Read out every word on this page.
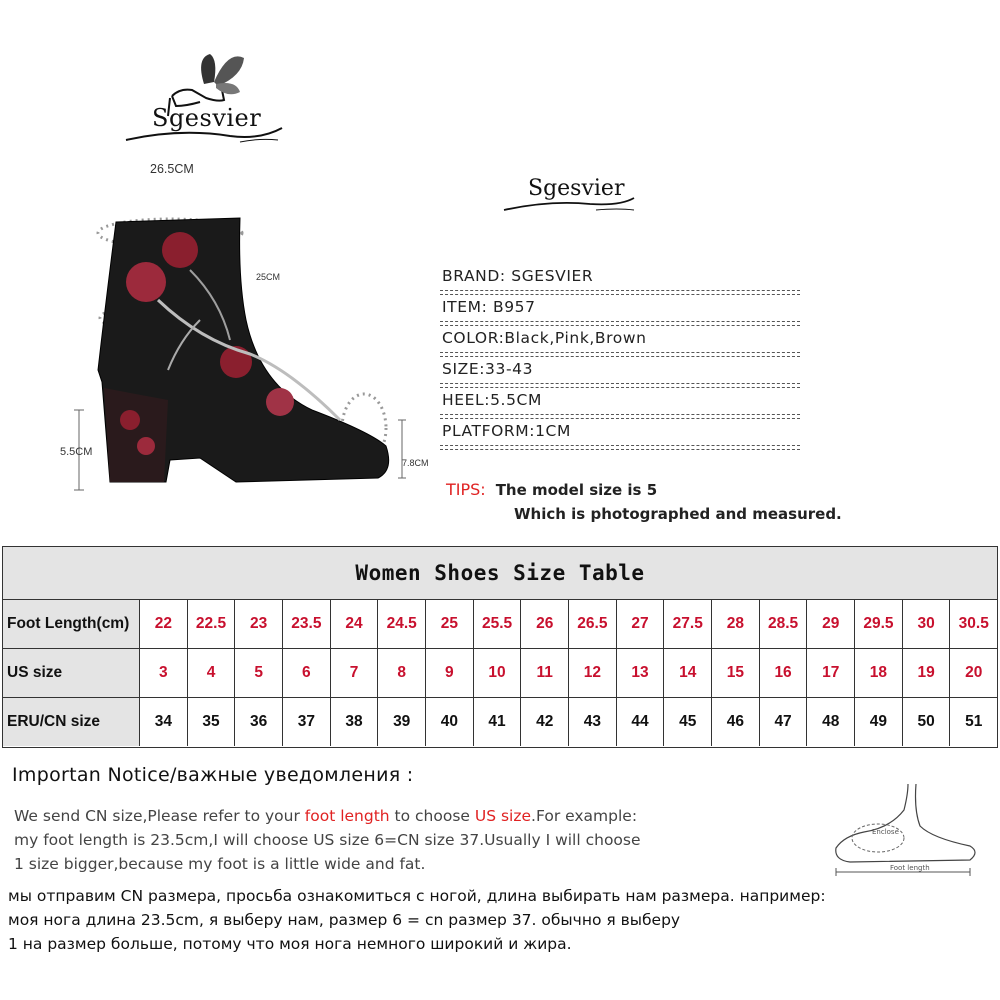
Sgesvier
26.5CM
25CM
5.5CM
7.8CM
Sgesvier
BRAND: SGESVIER
ITEM: B957
COLOR:Black,Pink,Brown
SIZE:33-43
HEEL:5.5CM
PLATFORM:1CM
TIPS: The model size is 5
Which is photographed and measured.
Women Shoes Size Table
Foot Length(cm)	22	22.5	23	23.5	24	24.5	25	25.5	26	26.5	27	27.5	28	28.5	29	29.5	30	30.5
US size	3	4	5	6	7	8	9	10	11	12	13	14	15	16	17	18	19	20
ERU/CN size	34	35	36	37	38	39	40	41	42	43	44	45	46	47	48	49	50	51
Importan Notice/важные уведомления :
We send CN size,Please refer to your foot length to choose US size.For example:
my foot length is 23.5cm,I will choose US size 6=CN size 37.Usually I will choose
1 size bigger,because my foot is a little wide and fat.
мы отправим CN размера, просьба ознакомиться с ногой, длина выбирать нам размера. например:
моя нога длина 23.5cm, я выберу нам, размер 6 = cn размер 37. обычно я выберу
1 на размер больше, потому что моя нога немного широкий и жира.
Enclose
Foot length
